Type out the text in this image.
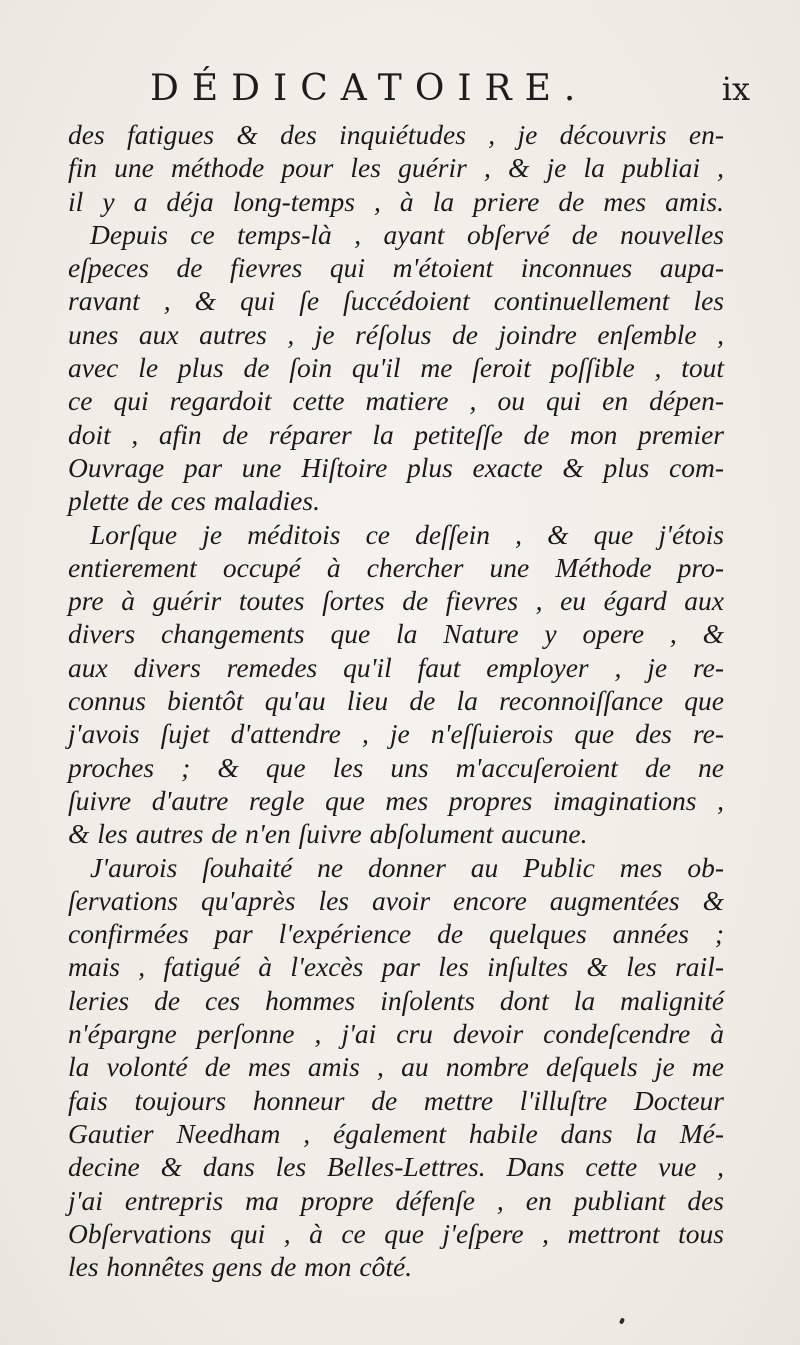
DÉDICATOIRE.	ix
des fatigues & des inquiétudes , je découvris en-
fin une méthode pour les guérir , & je la publiai ,
il y a déja long-temps , à la priere de mes amis.
Depuis ce temps-là , ayant obſervé de nouvelles
eſpeces de fievres qui m'étoient inconnues aupa-
ravant , & qui ſe ſuccédoient continuellement les
unes aux autres , je réſolus de joindre enſemble ,
avec le plus de ſoin qu'il me ſeroit poſſible , tout
ce qui regardoit cette matiere , ou qui en dépen-
doit , afin de réparer la petiteſſe de mon premier
Ouvrage par une Hiſtoire plus exacte & plus com-
plette de ces maladies.
Lorſque je méditois ce deſſein , & que j'étois
entierement occupé à chercher une Méthode pro-
pre à guérir toutes ſortes de fievres , eu égard aux
divers changements que la Nature y opere , &
aux divers remedes qu'il faut employer , je re-
connus bientôt qu'au lieu de la reconnoiſſance que
j'avois ſujet d'attendre , je n'eſſuierois que des re-
proches ; & que les uns m'accuſeroient de ne
ſuivre d'autre regle que mes propres imaginations ,
& les autres de n'en ſuivre abſolument aucune.
J'aurois ſouhaité ne donner au Public mes ob-
ſervations qu'après les avoir encore augmentées &
confirmées par l'expérience de quelques années ;
mais , fatigué à l'excès par les inſultes & les rail-
leries de ces hommes inſolents dont la malignité
n'épargne perſonne , j'ai cru devoir condeſcendre à
la volonté de mes amis , au nombre deſquels je me
fais toujours honneur de mettre l'illuſtre Docteur
Gautier Needham , également habile dans la Mé-
decine & dans les Belles-Lettres. Dans cette vue ,
j'ai entrepris ma propre défenſe , en publiant des
Obſervations qui , à ce que j'eſpere , mettront tous
les honnêtes gens de mon côté.
